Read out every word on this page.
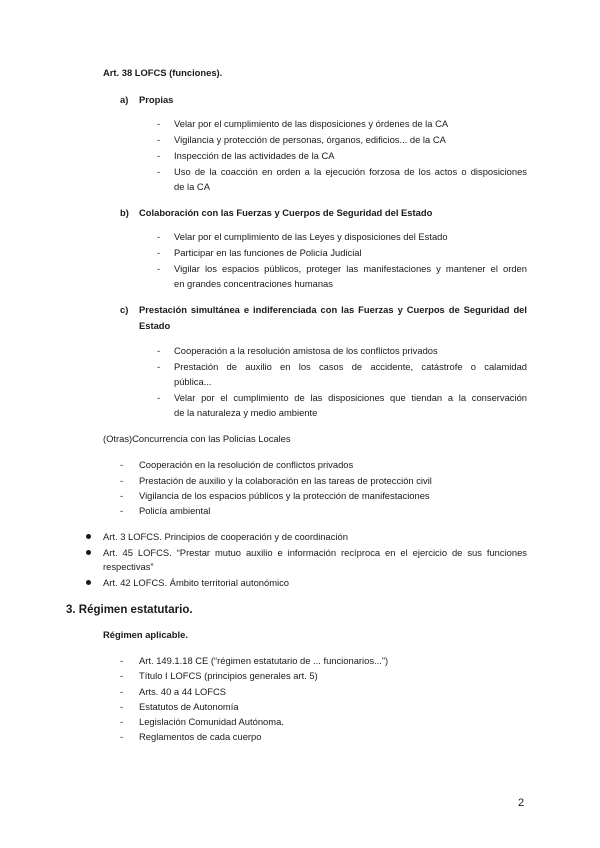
Art. 38 LOFCS (funciones).
a) Propias
- Velar por el cumplimiento de las disposiciones y órdenes de la CA
- Vigilancia y protección de personas, órganos, edificios... de la CA
- Inspección de las actividades de la CA
- Uso de la coacción en orden a la ejecución forzosa de los actos o disposiciones
de la CA
b) Colaboración con las Fuerzas y Cuerpos de Seguridad del Estado
- Velar por el cumplimiento de las Leyes y disposiciones del Estado
- Participar en las funciones de Policía Judicial
- Vigilar los espacios públicos, proteger las manifestaciones y mantener el orden
en grandes concentraciones humanas
c) Prestación simultánea e indiferenciada con las Fuerzas y Cuerpos de Seguridad del
Estado
- Cooperación a la resolución amistosa de los conflictos privados
- Prestación de auxilio en los casos de accidente, catástrofe o calamidad
pública...
- Velar por el cumplimiento de las disposiciones que tiendan a la conservación
de la naturaleza y medio ambiente
(Otras)Concurrencia con las Policías Locales
- Cooperación en la resolución de conflictos privados
- Prestación de auxilio y la colaboración en las tareas de protección civil
- Vigilancia de los espacios públicos y la protección de manifestaciones
- Policía ambiental
Art. 3 LOFCS. Principios de cooperación y de coordinación
Art. 45 LOFCS. “Prestar mutuo auxilio e información recíproca en el ejercicio de sus funciones
respectivas”
Art. 42 LOFCS. Ámbito territorial autonómico
3. Régimen estatutario.
Régimen aplicable.
- Art. 149.1.18 CE (“régimen estatutario de ... funcionarios...”)
- Título I LOFCS (principios generales art. 5)
- Arts. 40 a 44 LOFCS
- Estatutos de Autonomía
- Legislación Comunidad Autónoma.
- Reglamentos de cada cuerpo
2
